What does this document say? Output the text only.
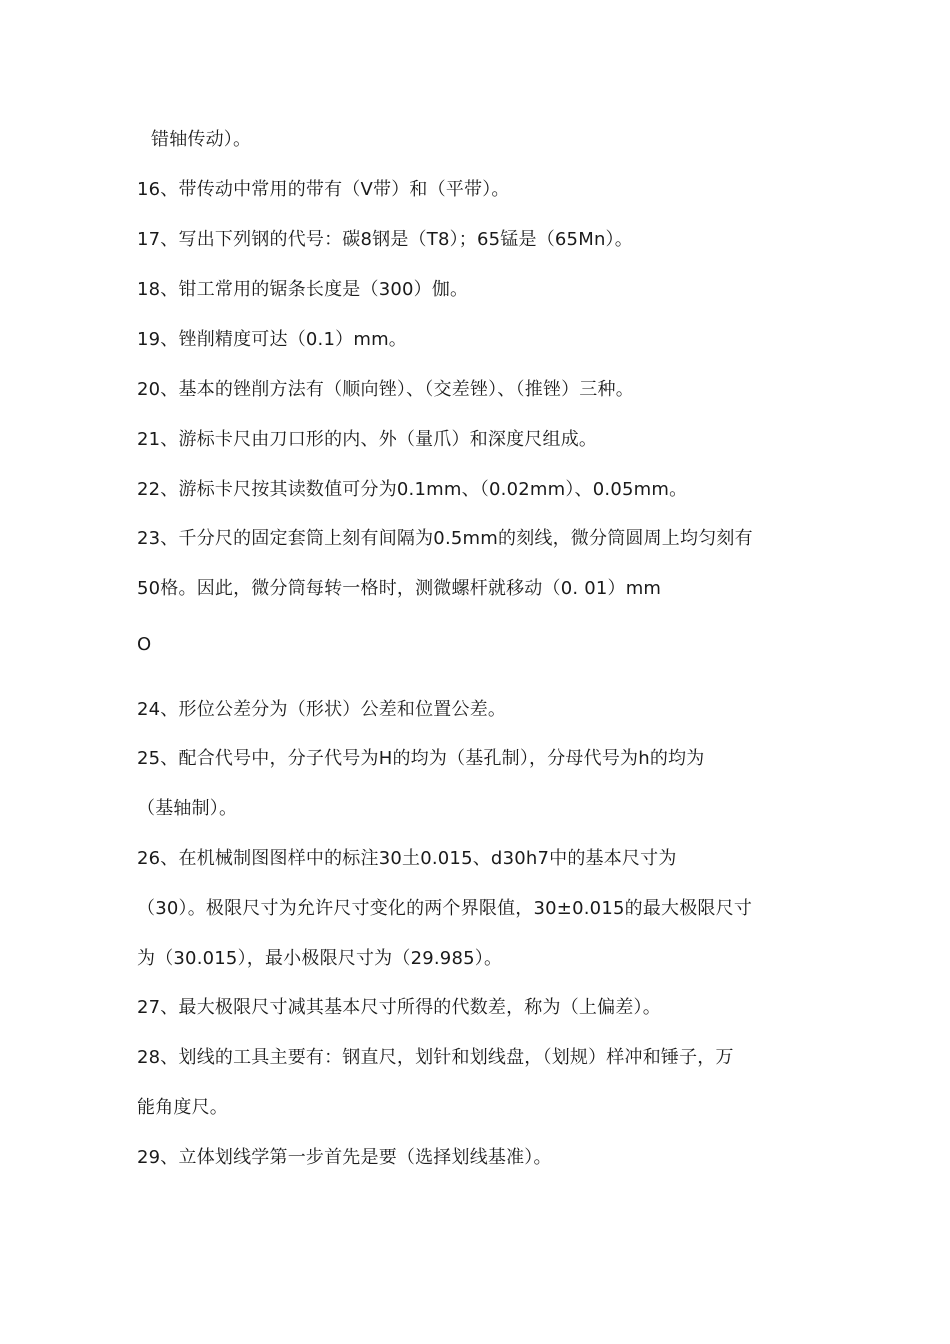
错轴传动）。
16、带传动中常用的带有（V带）和（平带）。
17、写出下列钢的代号：碳8钢是（T8）；65锰是（65Mn）。
18、钳工常用的锯条长度是（300）伽。
19、锉削精度可达（0.1）mm。
20、基本的锉削方法有（顺向锉）、（交差锉）、（推锉）三种。
21、游标卡尺由刀口形的内、外（量爪）和深度尺组成。
22、游标卡尺按其读数值可分为0.1mm、（0.02mm）、0.05mm。
23、千分尺的固定套筒上刻有间隔为0.5mm的刻线，微分筒圆周上均匀刻有
50格。因此，微分筒每转一格时，测微螺杆就移动（0. 01）mm
O
24、形位公差分为（形状）公差和位置公差。
25、配合代号中，分子代号为H的均为（基孔制），分母代号为h的均为
（基轴制）。
26、在机械制图图样中的标注30土0.015、d30h7中的基本尺寸为
（30）。极限尺寸为允许尺寸变化的两个界限值，30±0.015的最大极限尺寸
为（30.015），最小极限尺寸为（29.985）。
27、最大极限尺寸减其基本尺寸所得的代数差，称为（上偏差）。
28、划线的工具主要有：钢直尺，划针和划线盘，（划规）样冲和锤子，万
能角度尺。
29、立体划线学第一步首先是要（选择划线基准）。
